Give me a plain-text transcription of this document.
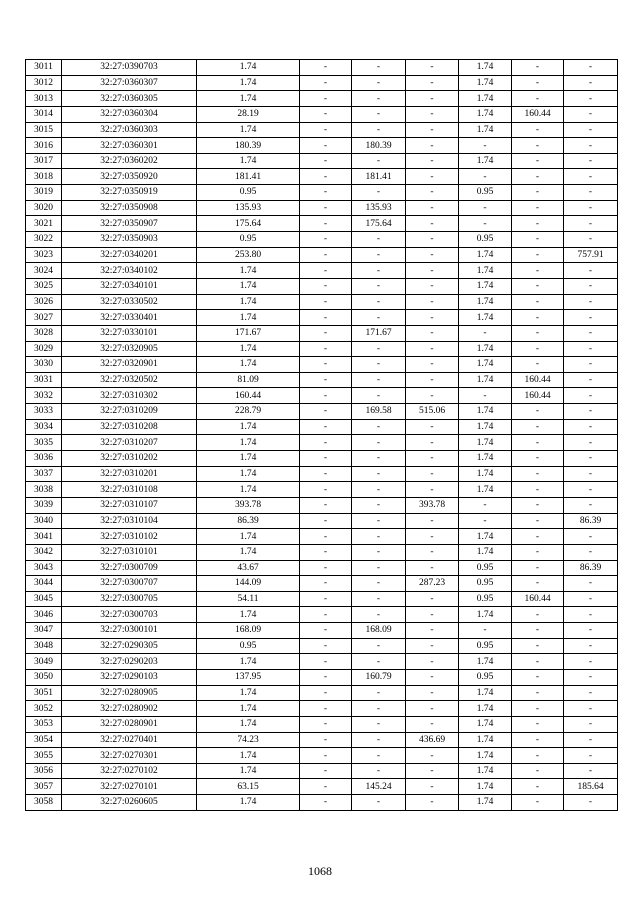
3011	32:27:0390703	1.74	-	-	-	1.74	-	-
3012	32:27:0360307	1.74	-	-	-	1.74	-	-
3013	32:27:0360305	1.74	-	-	-	1.74	-	-
3014	32:27:0360304	28.19	-	-	-	1.74	160.44	-
3015	32:27:0360303	1.74	-	-	-	1.74	-	-
3016	32:27:0360301	180.39	-	180.39	-	-	-	-
3017	32:27:0360202	1.74	-	-	-	1.74	-	-
3018	32:27:0350920	181.41	-	181.41	-	-	-	-
3019	32:27:0350919	0.95	-	-	-	0.95	-	-
3020	32:27:0350908	135.93	-	135.93	-	-	-	-
3021	32:27:0350907	175.64	-	175.64	-	-	-	-
3022	32:27:0350903	0.95	-	-	-	0.95	-	-
3023	32:27:0340201	253.80	-	-	-	1.74	-	757.91
3024	32:27:0340102	1.74	-	-	-	1.74	-	-
3025	32:27:0340101	1.74	-	-	-	1.74	-	-
3026	32:27:0330502	1.74	-	-	-	1.74	-	-
3027	32:27:0330401	1.74	-	-	-	1.74	-	-
3028	32:27:0330101	171.67	-	171.67	-	-	-	-
3029	32:27:0320905	1.74	-	-	-	1.74	-	-
3030	32:27:0320901	1.74	-	-	-	1.74	-	-
3031	32:27:0320502	81.09	-	-	-	1.74	160.44	-
3032	32:27:0310302	160.44	-	-	-	-	160.44	-
3033	32:27:0310209	228.79	-	169.58	515.06	1.74	-	-
3034	32:27:0310208	1.74	-	-	-	1.74	-	-
3035	32:27:0310207	1.74	-	-	-	1.74	-	-
3036	32:27:0310202	1.74	-	-	-	1.74	-	-
3037	32:27:0310201	1.74	-	-	-	1.74	-	-
3038	32:27:0310108	1.74	-	-	-	1.74	-	-
3039	32:27:0310107	393.78	-	-	393.78	-	-	-
3040	32:27:0310104	86.39	-	-	-	-	-	86.39
3041	32:27:0310102	1.74	-	-	-	1.74	-	-
3042	32:27:0310101	1.74	-	-	-	1.74	-	-
3043	32:27:0300709	43.67	-	-	-	0.95	-	86.39
3044	32:27:0300707	144.09	-	-	287.23	0.95	-	-
3045	32:27:0300705	54.11	-	-	-	0.95	160.44	-
3046	32:27:0300703	1.74	-	-	-	1.74	-	-
3047	32:27:0300101	168.09	-	168.09	-	-	-	-
3048	32:27:0290305	0.95	-	-	-	0.95	-	-
3049	32:27:0290203	1.74	-	-	-	1.74	-	-
3050	32:27:0290103	137.95	-	160.79	-	0.95	-	-
3051	32:27:0280905	1.74	-	-	-	1.74	-	-
3052	32:27:0280902	1.74	-	-	-	1.74	-	-
3053	32:27:0280901	1.74	-	-	-	1.74	-	-
3054	32:27:0270401	74.23	-	-	436.69	1.74	-	-
3055	32:27:0270301	1.74	-	-	-	1.74	-	-
3056	32:27:0270102	1.74	-	-	-	1.74	-	-
3057	32:27:0270101	63.15	-	145.24	-	1.74	-	185.64
3058	32:27:0260605	1.74	-	-	-	1.74	-	-
1068
